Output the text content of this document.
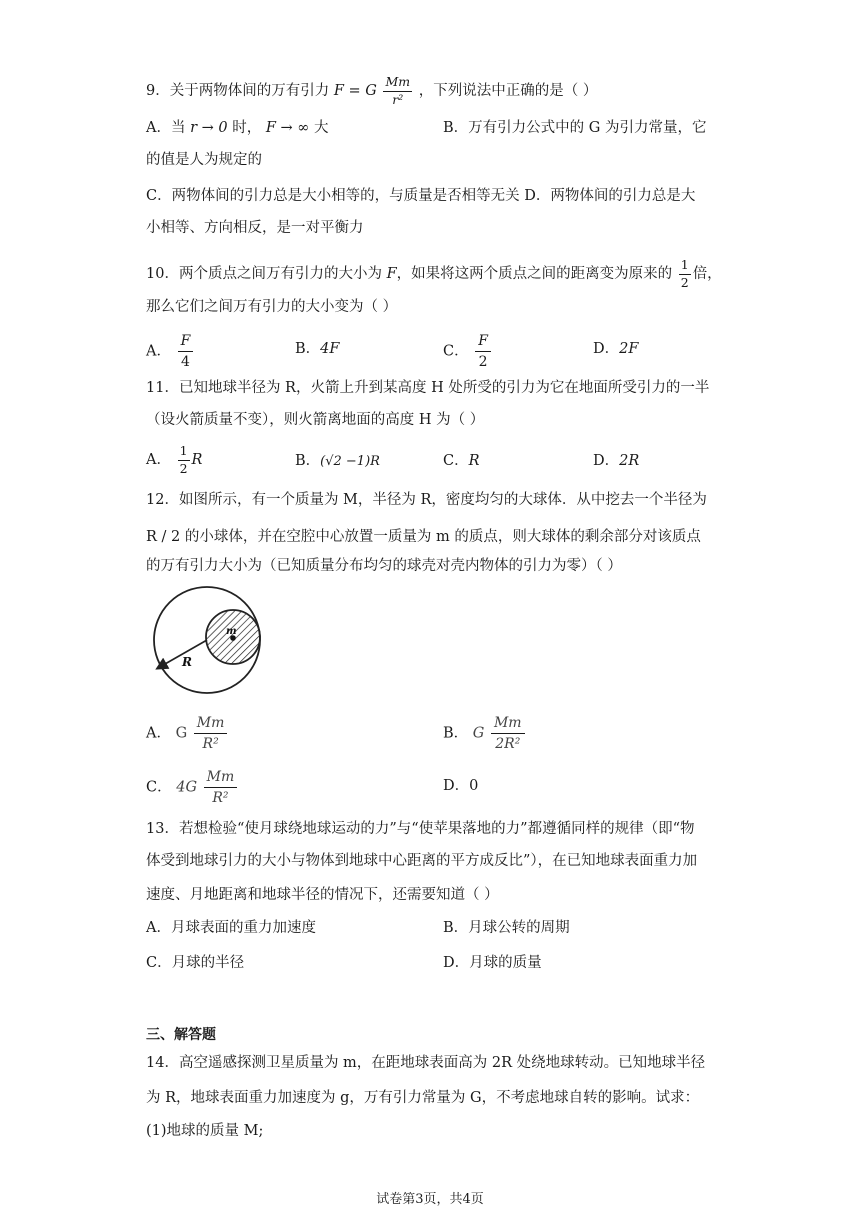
9．关于两物体间的万有引力 F = G $\frac{Mm}{\text{r²}}$ ，下列说法中正确的是（ ）
A．当 r → 0 时， F → ∞ 大	B．万有引力公式中的 G 为引力常量，它
的值是人为规定的
C．两物体间的引力总是大小相等的，与质量是否相等无关 D．两物体间的引力总是大
小相等、方向相反，是一对平衡力
10．两个质点之间万有引力的大小为 F，如果将这两个质点之间的距离变为原来的 $\frac{1}{2}$ 倍，
那么它们之间万有引力的大小变为（ ）
A． $\frac{F}{4}$	B．4F	C． $\frac{F}{2}$	D．2F
11．已知地球半径为 R，火箭上升到某高度 H 处所受的引力为它在地面所受引力的一半
（设火箭质量不变），则火箭离地面的高度 H 为（ ）
A． $\frac{1}{2}$ R	B．(√2 −1)R	C．R	D．2R
12．如图所示，有一个质量为 M，半径为 R，密度均匀的大球体．从中挖去一个半径为
R / 2 的小球体，并在空腔中心放置一质量为 m 的质点，则大球体的剩余部分对该质点
的万有引力大小为（已知质量分布均匀的球壳对壳内物体的引力为零）（ ）
R
m
A． G $\frac{Mm}{\text{R²}}$	B． G $\frac{Mm}{\text{2R²}}$
C． $4G \frac{Mm}{\text{R²}}$	D．0
13．若想检验“使月球绕地球运动的力”与“使苹果落地的力”都遵循同样的规律（即“物
体受到地球引力的大小与物体到地球中心距离的平方成反比”），在已知地球表面重力加
速度、月地距离和地球半径的情况下，还需要知道（ ）
A．月球表面的重力加速度	B．月球公转的周期
C．月球的半径	D．月球的质量
三、解答题
14．高空遥感探测卫星质量为 m，在距地球表面高为 2R 处绕地球转动。已知地球半径
为 R，地球表面重力加速度为 g，万有引力常量为 G，不考虑地球自转的影响。试求：
(1)地球的质量 M;
试卷第3页，共4页
